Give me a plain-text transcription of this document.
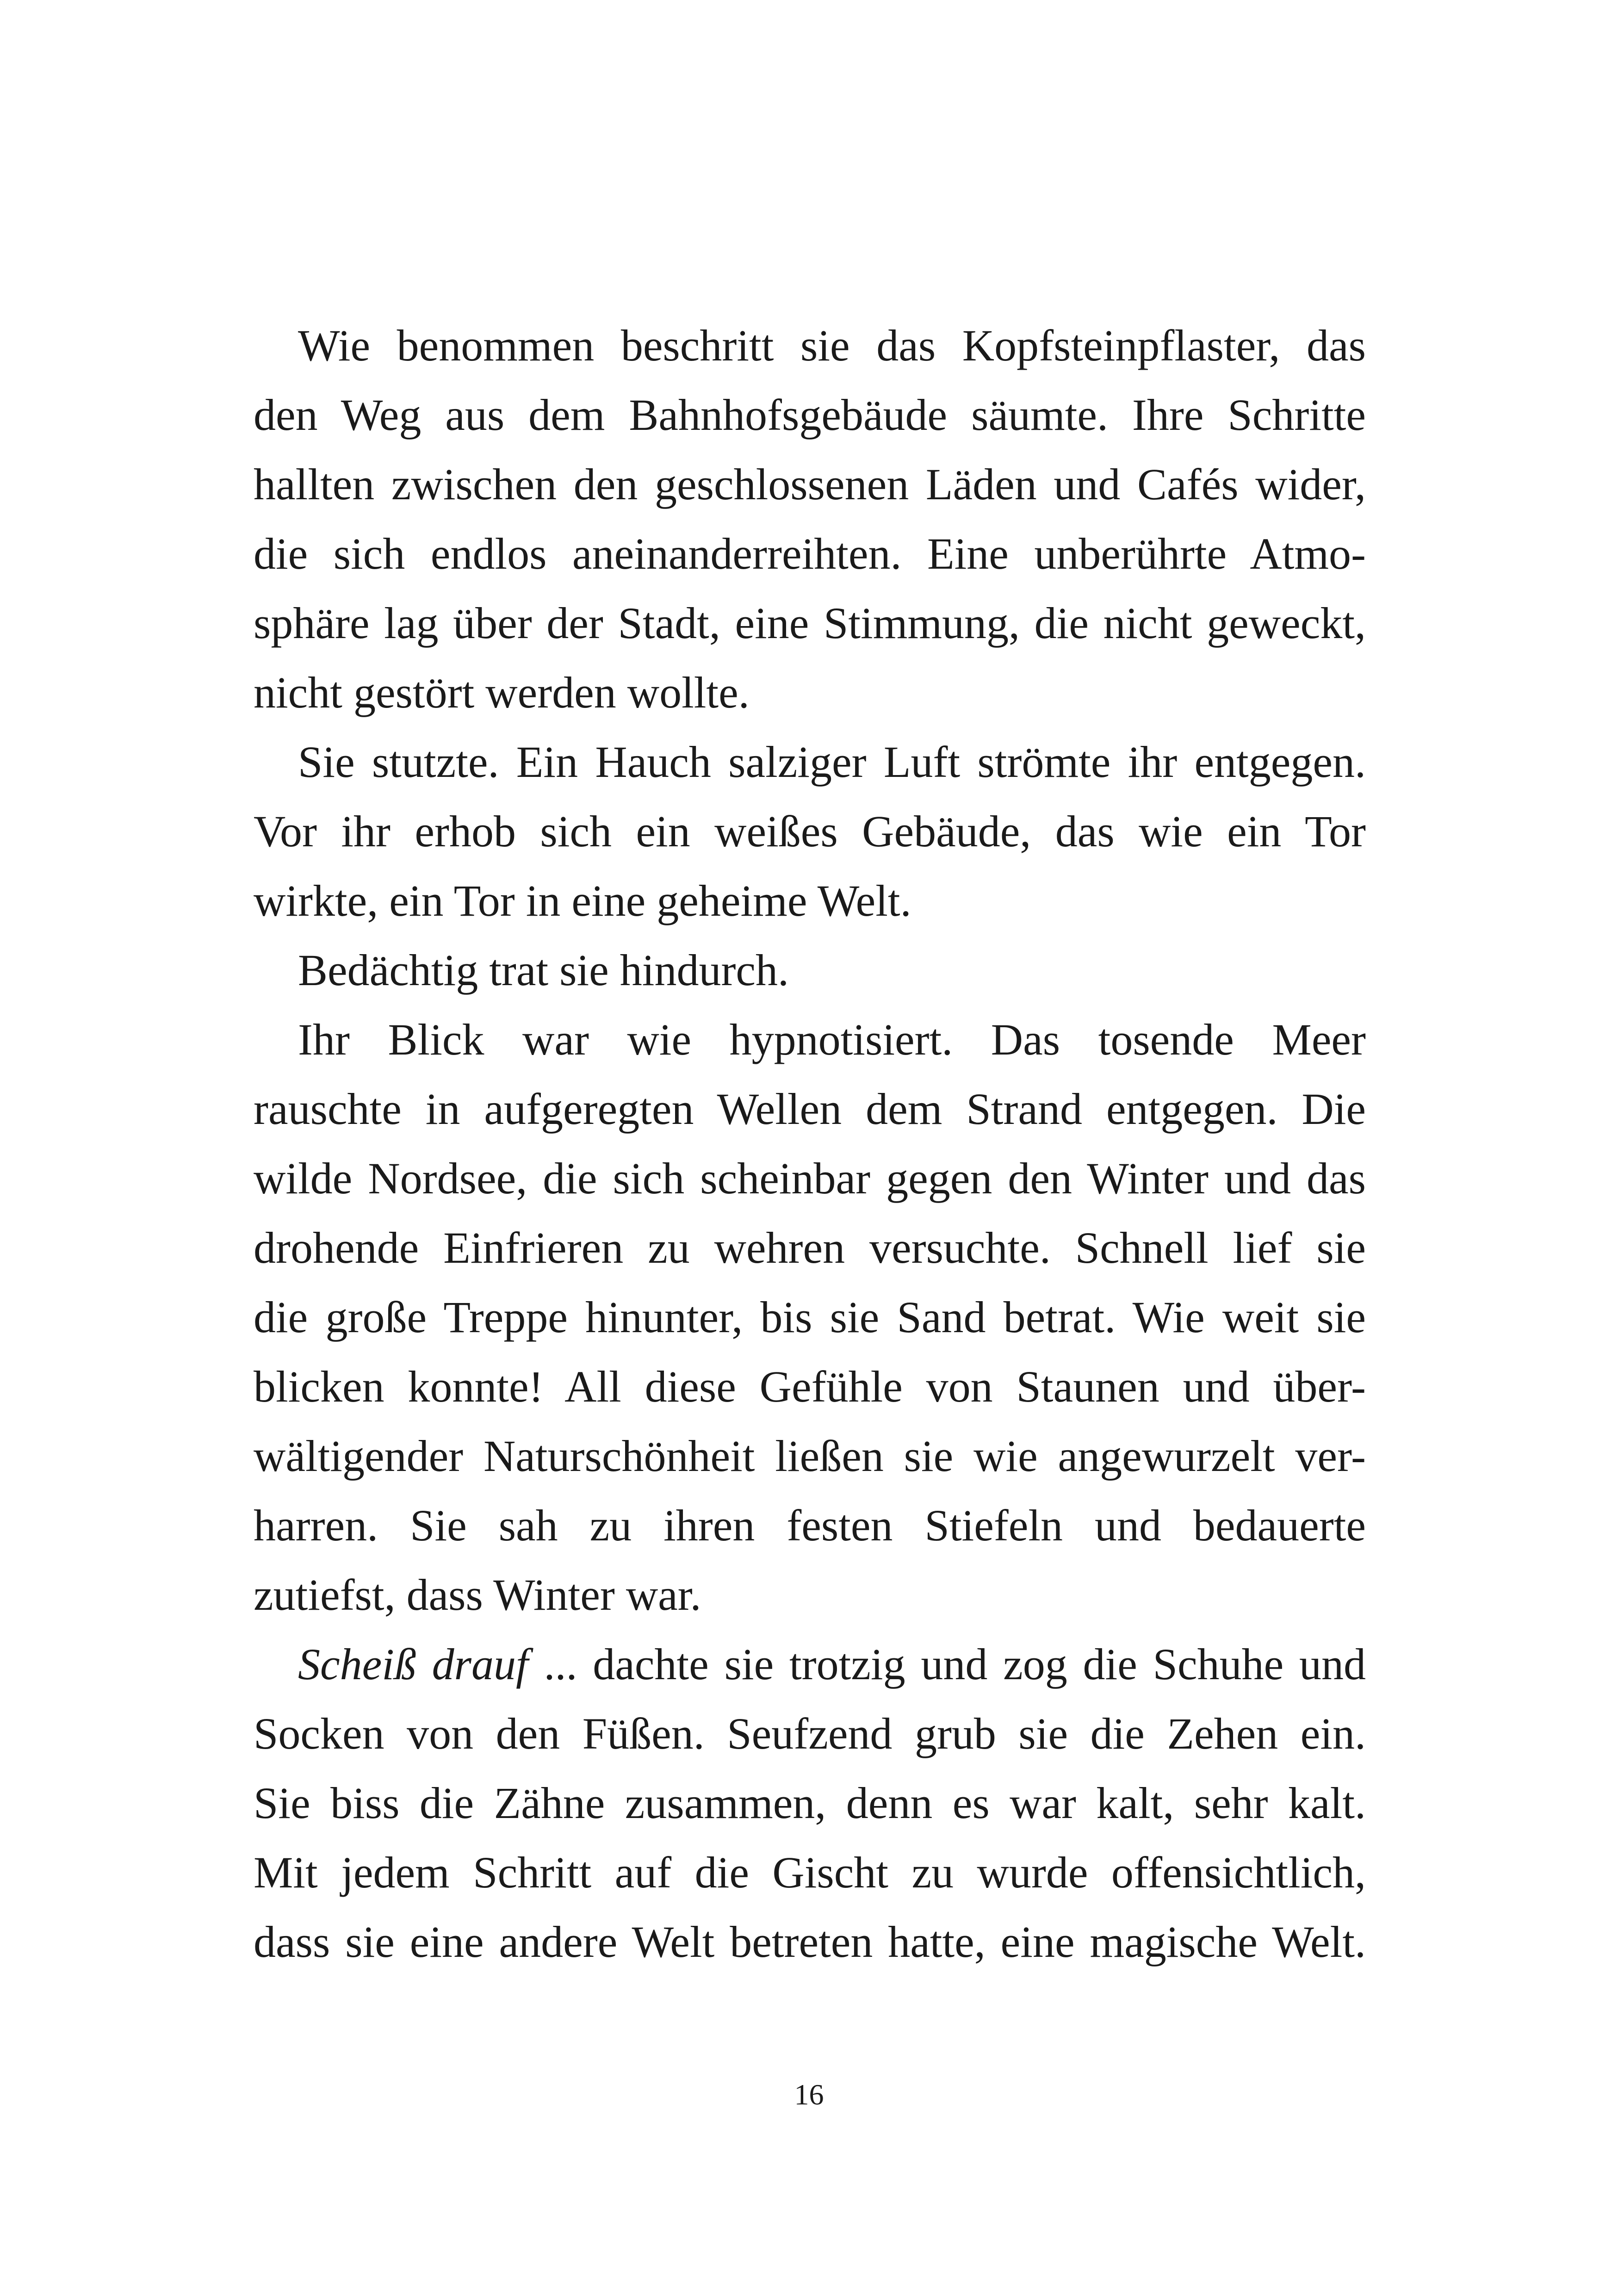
Wie benommen beschritt sie das Kopfsteinpflaster, das
den Weg aus dem Bahnhofsgebäude säumte. Ihre Schritte
hallten zwischen den geschlossenen Läden und Cafés wider,
die sich endlos aneinanderreihten. Eine unberührte Atmo-
sphäre lag über der Stadt, eine Stimmung, die nicht geweckt,
nicht gestört werden wollte.
Sie stutzte. Ein Hauch salziger Luft strömte ihr entgegen.
Vor ihr erhob sich ein weißes Gebäude, das wie ein Tor
wirkte, ein Tor in eine geheime Welt.
Bedächtig trat sie hindurch.
Ihr Blick war wie hypnotisiert. Das tosende Meer
rauschte in aufgeregten Wellen dem Strand entgegen. Die
wilde Nordsee, die sich scheinbar gegen den Winter und das
drohende Einfrieren zu wehren versuchte. Schnell lief sie
die große Treppe hinunter, bis sie Sand betrat. Wie weit sie
blicken konnte! All diese Gefühle von Staunen und über-
wältigender Naturschönheit ließen sie wie angewurzelt ver-
harren. Sie sah zu ihren festen Stiefeln und bedauerte
zutiefst, dass Winter war.
Scheiß drauf ... dachte sie trotzig und zog die Schuhe und
Socken von den Füßen. Seufzend grub sie die Zehen ein.
Sie biss die Zähne zusammen, denn es war kalt, sehr kalt.
Mit jedem Schritt auf die Gischt zu wurde offensichtlich,
dass sie eine andere Welt betreten hatte, eine magische Welt.
16
